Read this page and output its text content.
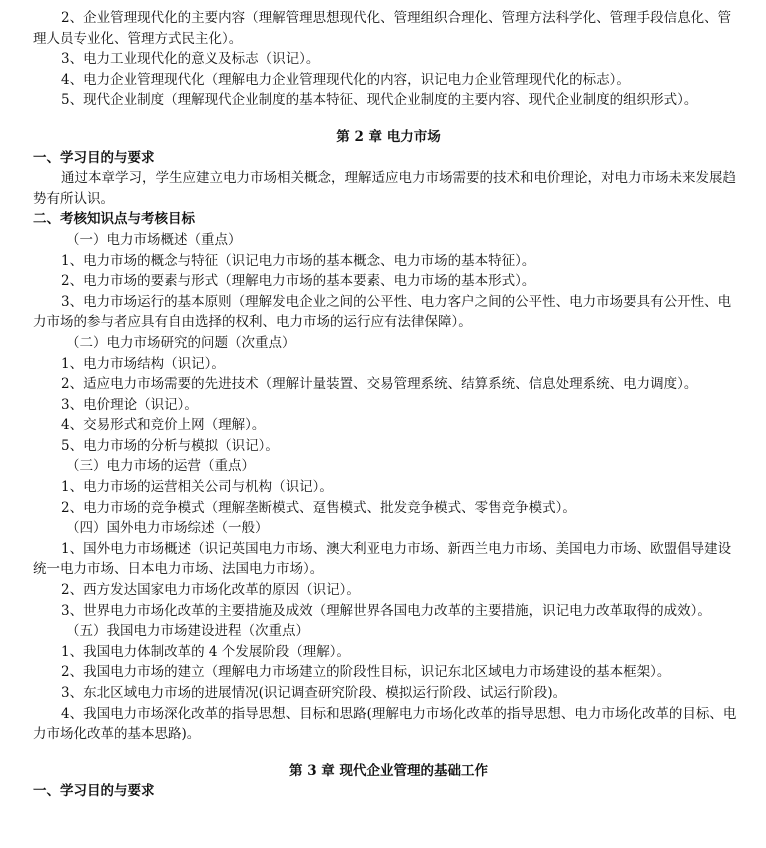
2、企业管理现代化的主要内容（理解管理思想现代化、管理组织合理化、管理方法科学化、管理手段信息化、管理人员专业化、管理方式民主化）。

3、电力工业现代化的意义及标志（识记）。

4、电力企业管理现代化（理解电力企业管理现代化的内容，识记电力企业管理现代化的标志）。

5、现代企业制度（理解现代企业制度的基本特征、现代企业制度的主要内容、现代企业制度的组织形式）。

第 2 章 电力市场

一、学习目的与要求

通过本章学习，学生应建立电力市场相关概念，理解适应电力市场需要的技术和电价理论，对电力市场未来发展趋势有所认识。

二、考核知识点与考核目标

（一）电力市场概述（重点）

1、电力市场的概念与特征（识记电力市场的基本概念、电力市场的基本特征）。

2、电力市场的要素与形式（理解电力市场的基本要素、电力市场的基本形式）。

3、电力市场运行的基本原则（理解发电企业之间的公平性、电力客户之间的公平性、电力市场要具有公开性、电力市场的参与者应具有自由选择的权利、电力市场的运行应有法律保障）。

（二）电力市场研究的问题（次重点）

1、电力市场结构（识记）。

2、适应电力市场需要的先进技术（理解计量装置、交易管理系统、结算系统、信息处理系统、电力调度）。

3、电价理论（识记）。

4、交易形式和竞价上网（理解）。

5、电力市场的分析与模拟（识记）。

（三）电力市场的运营（重点）

1、电力市场的运营相关公司与机构（识记）。

2、电力市场的竞争模式（理解垄断模式、趸售模式、批发竞争模式、零售竞争模式）。

（四）国外电力市场综述（一般）

1、国外电力市场概述（识记英国电力市场、澳大利亚电力市场、新西兰电力市场、美国电力市场、欧盟倡导建设统一电力市场、日本电力市场、法国电力市场）。

2、西方发达国家电力市场化改革的原因（识记）。

3、世界电力市场化改革的主要措施及成效（理解世界各国电力改革的主要措施，识记电力改革取得的成效）。

（五）我国电力市场建设进程（次重点）

1、我国电力体制改革的 4 个发展阶段（理解）。

2、我国电力市场的建立（理解电力市场建立的阶段性目标，识记东北区域电力市场建设的基本框架）。

3、东北区域电力市场的进展情况(识记调查研究阶段、模拟运行阶段、试运行阶段)。

4、我国电力市场深化改革的指导思想、目标和思路(理解电力市场化改革的指导思想、电力市场化改革的目标、电力市场化改革的基本思路)。

第 3 章 现代企业管理的基础工作

一、学习目的与要求
